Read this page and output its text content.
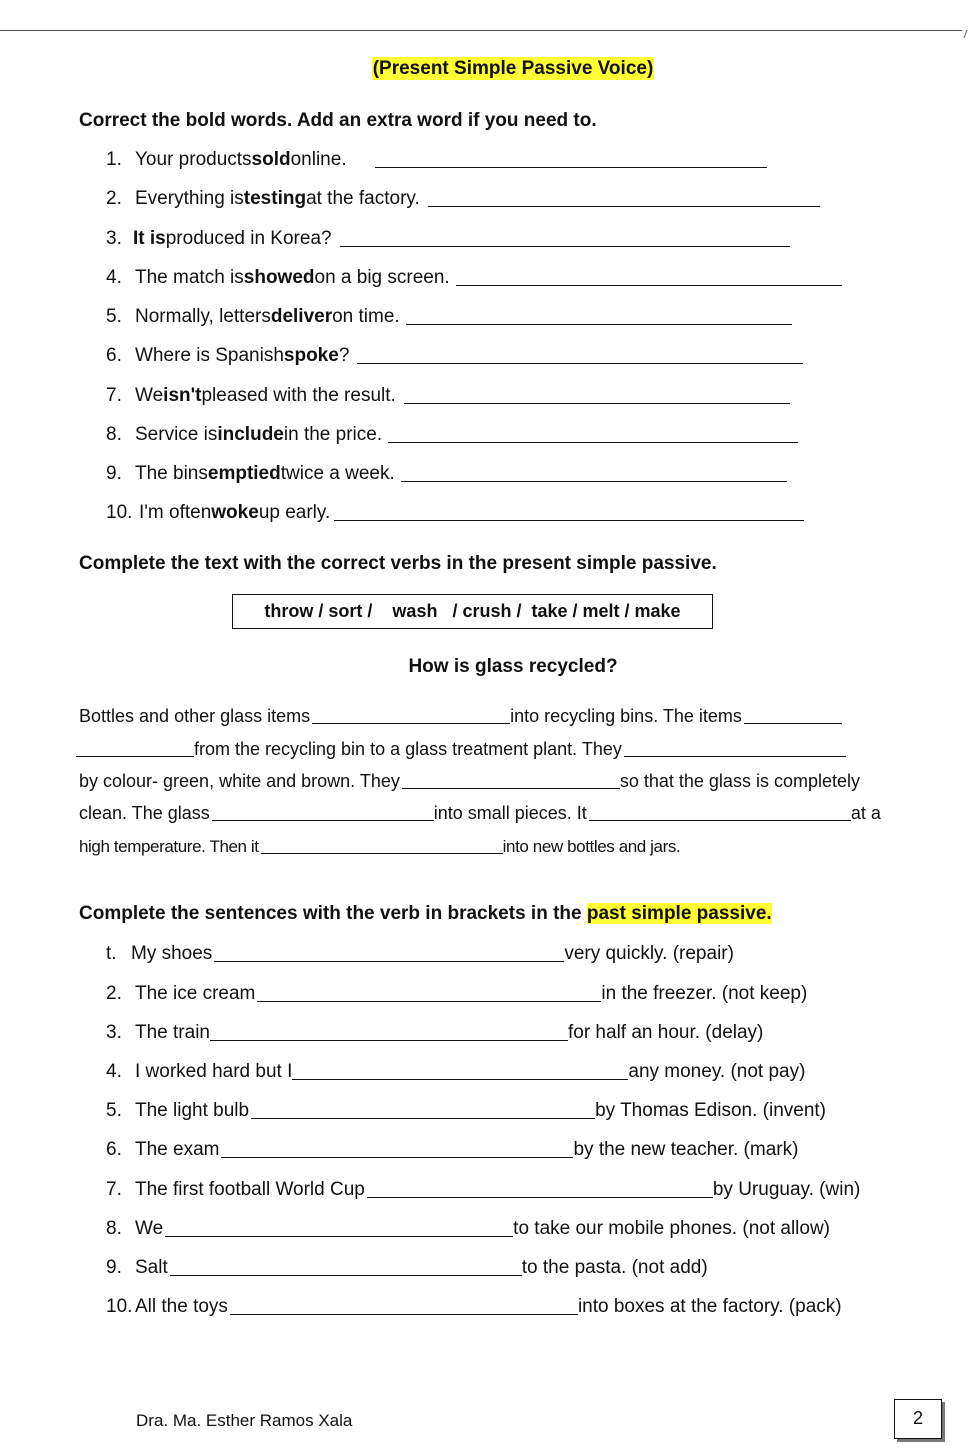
(Present Simple Passive Voice)
Correct the bold words. Add an extra word if you need to.
1. Your products sold online.
2. Everything is testing at the factory.
3. It is produced in Korea?
4. The match is showed on a big screen.
5. Normally, letters deliver on time.
6. Where is Spanish spoke ?
7. We isn't pleased with the result.
8. Service is include in the price.
9. The bins emptied twice a week.
10. I'm often woke up early.
Complete the text with the correct verbs in the present simple passive.
throw / sort /    wash   / crush /  take / melt / make
How is glass recycled?
Bottles and other glass items	into recycling bins. The items
from the recycling bin to a glass treatment plant. They
by colour- green, white and brown. They	so that the glass is completely
clean. The glass	into small pieces. It	at a
high temperature. Then it	into new bottles and jars.
Complete the sentences with the verb in brackets in the past simple passive.
t. My shoes	very quickly. (repair)
2. The ice cream	in the freezer. (not keep)
3. The train	for half an hour. (delay)
4. I worked hard but I	any money. (not pay)
5. The light bulb	by Thomas Edison. (invent)
6. The exam	by the new teacher. (mark)
7. The first football World Cup	by Uruguay. (win)
8. We	to take our mobile phones. (not allow)
9. Salt	to the pasta. (not add)
10. All the toys	into boxes at the factory. (pack)
Dra. Ma. Esther Ramos Xala	2
